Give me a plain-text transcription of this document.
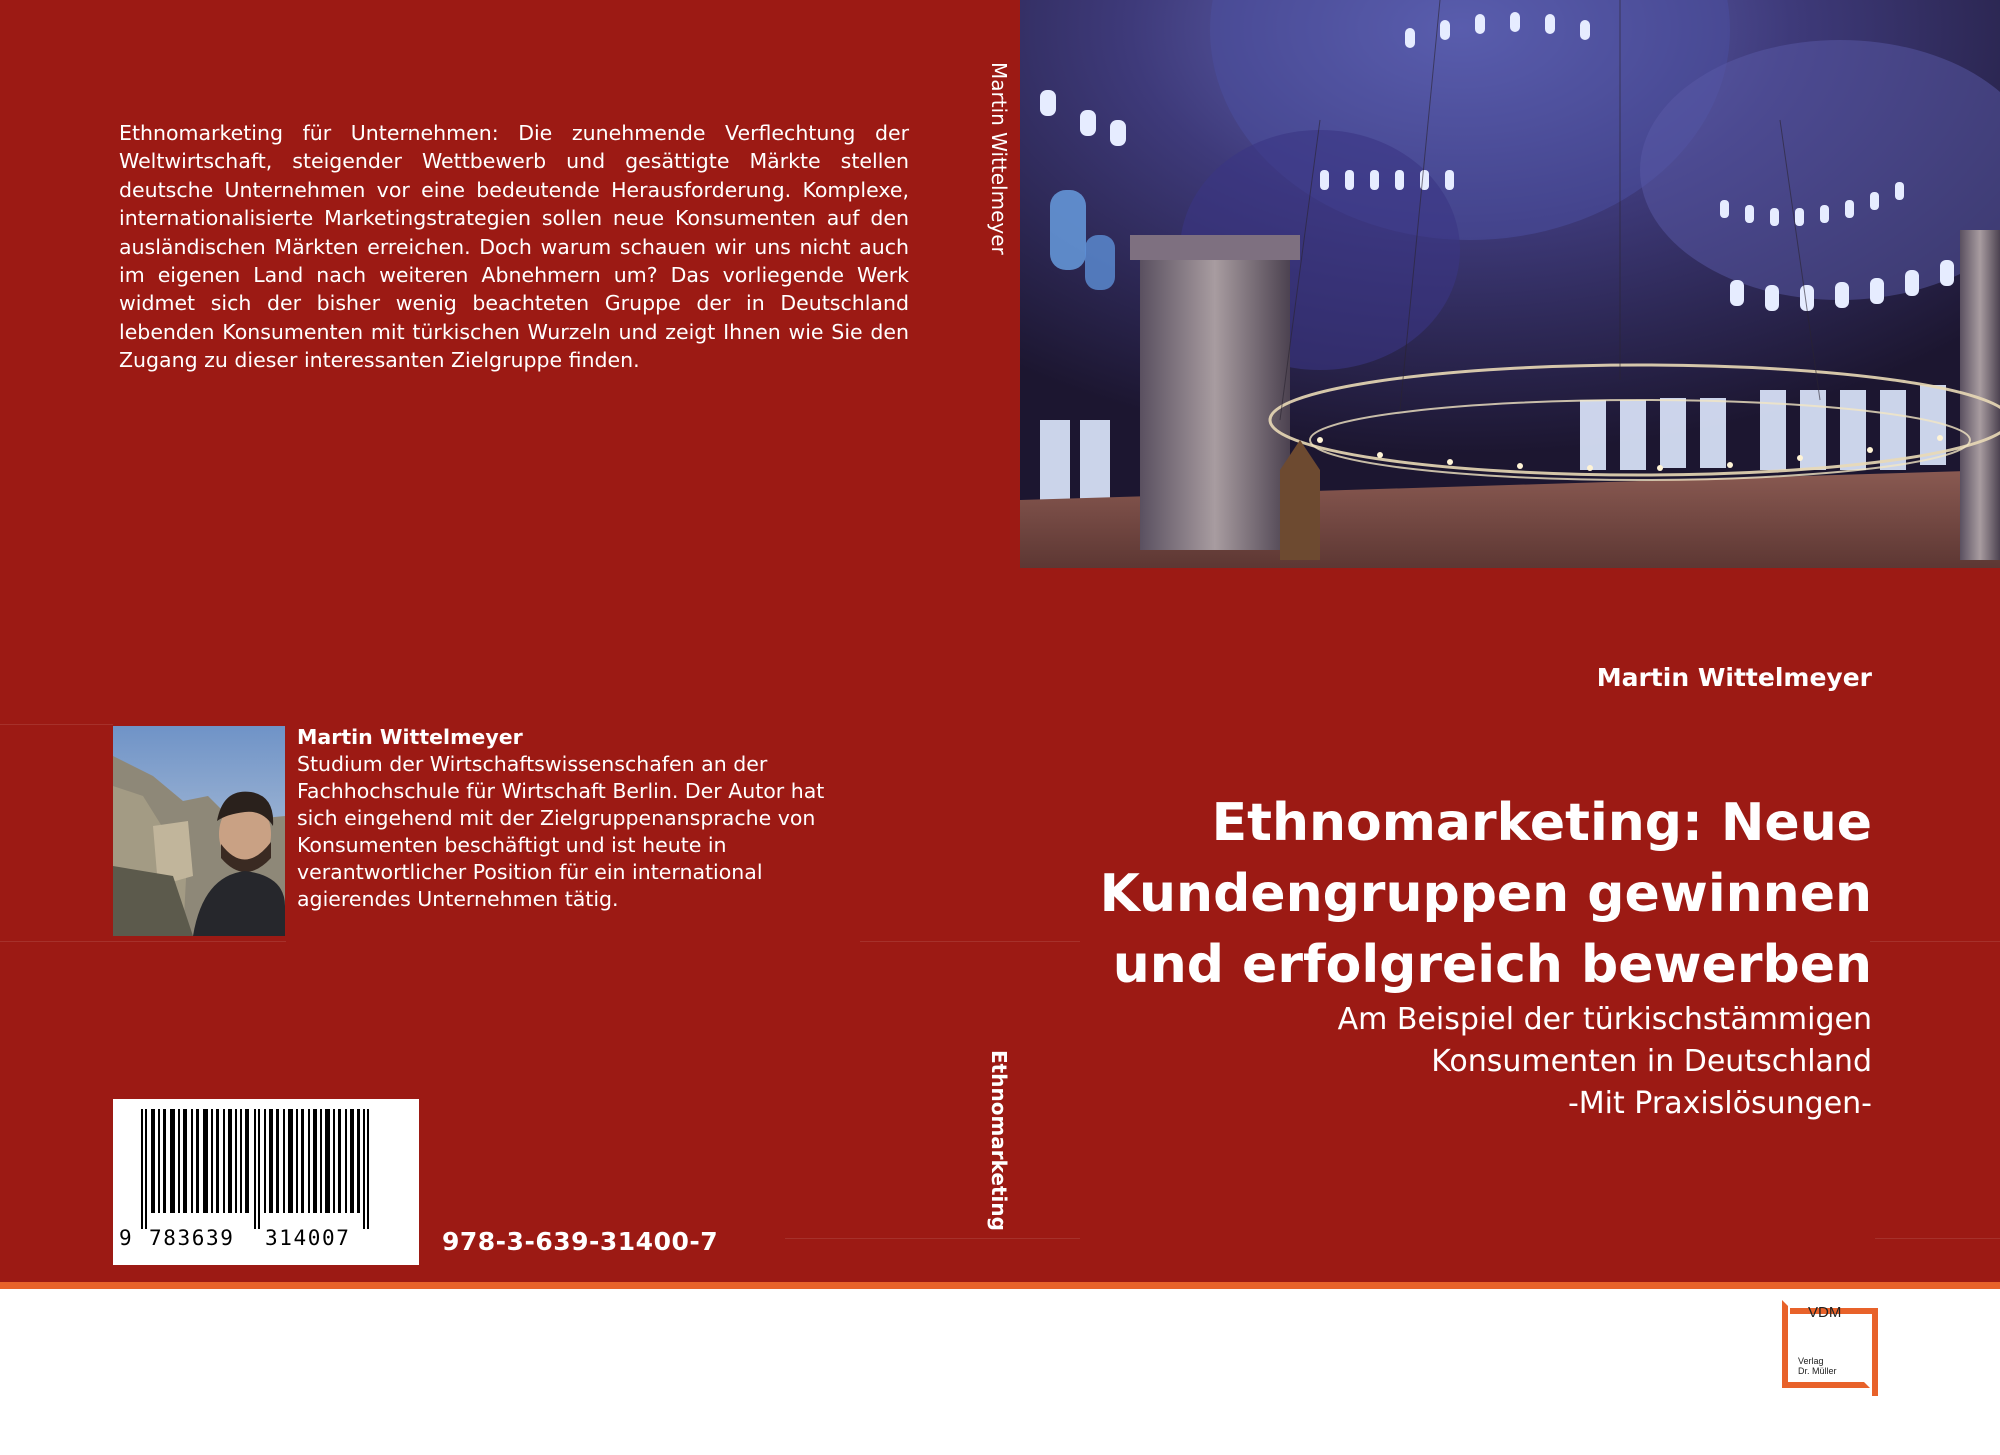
Ethnomarketing für Unternehmen: Die zunehmende Verflechtung der Weltwirtschaft, steigender Wettbewerb und gesättigte Märkte stellen deutsche Unternehmen vor eine bedeutende Herausforderung. Komplexe, internationalisierte Marketingstrategien sollen neue Konsumenten auf den ausländischen Märkten erreichen. Doch warum schauen wir uns nicht auch im eigenen Land nach weiteren Abnehmern um? Das vorliegende Werk widmet sich der bisher wenig beachteten Gruppe der in Deutschland lebenden Konsumenten mit türkischen Wurzeln und zeigt Ihnen wie Sie den Zugang zu dieser interessanten Zielgruppe finden.

Martin Wittelmeyer

Studium der Wirtschaftswissenschafen an der Fachhochschule für Wirtschaft Berlin. Der Autor hat sich eingehend mit der Zielgruppenansprache von Konsumenten beschäftigt und ist heute in verantwortlicher Position für ein international agierendes Unternehmen tätig.

9 783639 314007	978-3-639-31400-7
Martin Wittelmeyer
Ethnomarketing
Martin Wittelmeyer
Ethnomarketing: Neue Kundengruppen gewinnen und erfolgreich bewerben
Am Beispiel der türkischstämmigen
Konsumenten in Deutschland
-Mit Praxislösungen-
VDM
Verlag
Dr. Müller
